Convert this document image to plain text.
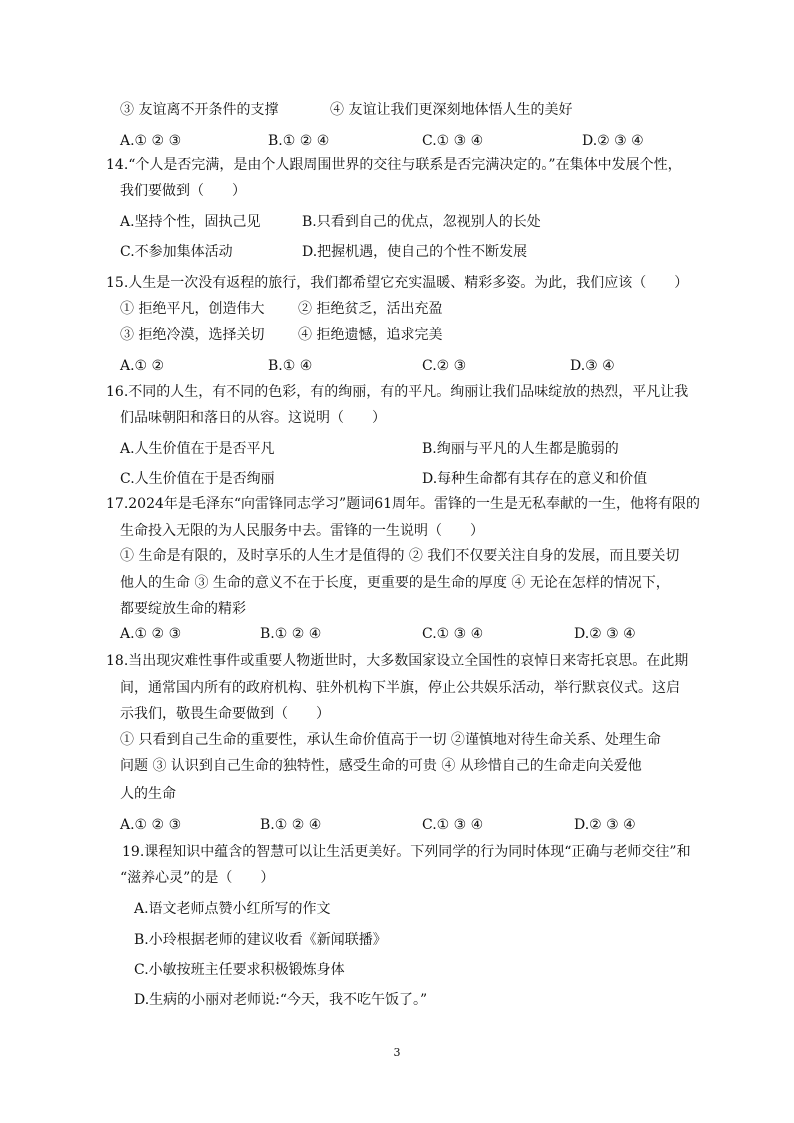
③ 友谊离不开条件的支撑	④ 友谊让我们更深刻地体悟人生的美好
A.① ② ③	B.① ② ④	C.① ③ ④	D.② ③ ④
14.“个人是否完满，是由个人跟周围世界的交往与联系是否完满决定的。”在集体中发展个性，
我们要做到（　　）
A.坚持个性，固执己见	B.只看到自己的优点，忽视别人的长处
C.不参加集体活动	D.把握机遇，使自己的个性不断发展
15.人生是一次没有返程的旅行，我们都希望它充实温暖、精彩多姿。为此，我们应该（　　）
① 拒绝平凡，创造伟大 ② 拒绝贫乏，活出充盈
③ 拒绝冷漠，选择关切 ④ 拒绝遗憾，追求完美
A.① ②	B.① ④	C.② ③	D.③ ④
16.不同的人生，有不同的色彩，有的绚丽，有的平凡。绚丽让我们品味绽放的热烈，平凡让我
们品味朝阳和落日的从容。这说明（　　）
A.人生价值在于是否平凡	B.绚丽与平凡的人生都是脆弱的
C.人生价值在于是否绚丽	D.每种生命都有其存在的意义和价值
17.2024年是毛泽东“向雷锋同志学习”题词61周年。雷锋的一生是无私奉献的一生，他将有限的
生命投入无限的为人民服务中去。雷锋的一生说明（　　）
① 生命是有限的，及时享乐的人生才是值得的 ② 我们不仅要关注自身的发展，而且要关切
他人的生命 ③ 生命的意义不在于长度，更重要的是生命的厚度 ④ 无论在怎样的情况下，
都要绽放生命的精彩
A.① ② ③	B.① ② ④	C.① ③ ④	D.② ③ ④
18.当出现灾难性事件或重要人物逝世时，大多数国家设立全国性的哀悼日来寄托哀思。在此期
间，通常国内所有的政府机构、驻外机构下半旗，停止公共娱乐活动，举行默哀仪式。这启
示我们，敬畏生命要做到（　　）
① 只看到自己生命的重要性，承认生命价值高于一切 ②谨慎地对待生命关系、处理生命
问题 ③ 认识到自己生命的独特性，感受生命的可贵 ④ 从珍惜自己的生命走向关爱他
人的生命
A.① ② ③	B.① ② ④	C.① ③ ④	D.② ③ ④
19.课程知识中蕴含的智慧可以让生活更美好。下列同学的行为同时体现“正确与老师交往”和
“滋养心灵”的是（　　）
A.语文老师点赞小红所写的作文
B.小玲根据老师的建议收看《新闻联播》
C.小敏按班主任要求积极锻炼身体
D.生病的小丽对老师说:“今天，我不吃午饭了。”
3
